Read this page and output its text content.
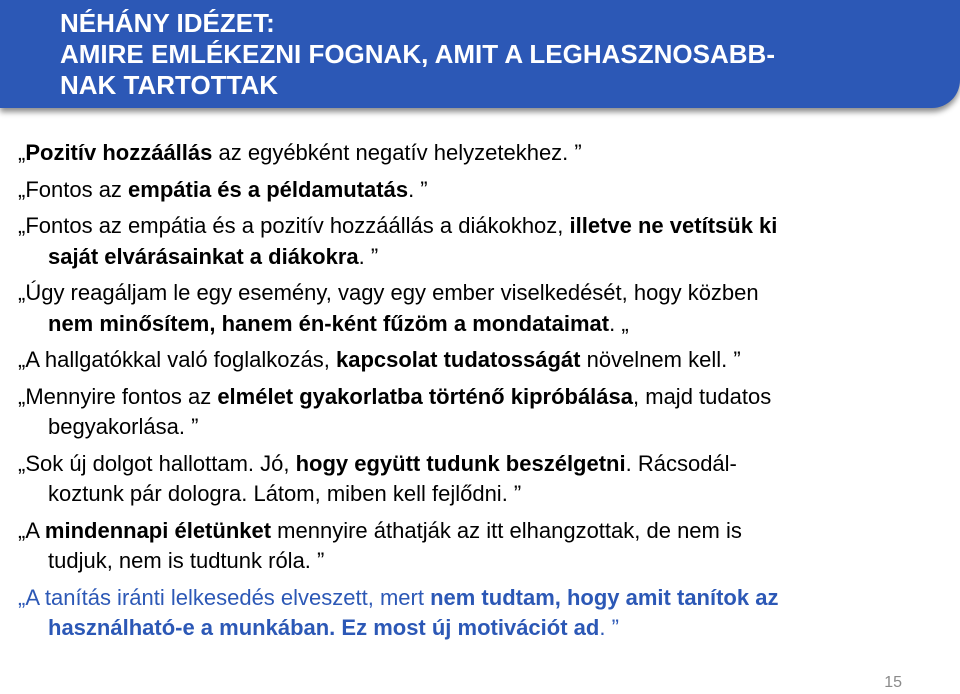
NÉHÁNY IDÉZET:
AMIRE EMLÉKEZNI FOGNAK, AMIT A LEGHASZNOSABB-
NAK TARTOTTAK
„Pozitív hozzáállás az egyébként negatív helyzetekhez. ”
„Fontos az empátia és a példamutatás. ”
„Fontos az empátia és a pozitív hozzáállás a diákokhoz, illetve ne vetítsük ki
saját elvárásainkat a diákokra. ”
„Úgy reagáljam le egy esemény, vagy egy ember viselkedését, hogy közben
nem minősítem, hanem én-ként fűzöm a mondataimat. „
„A hallgatókkal való foglalkozás, kapcsolat tudatosságát növelnem kell. ”
„Mennyire fontos az elmélet gyakorlatba történő kipróbálása, majd tudatos
begyakorlása. ”
„Sok új dolgot hallottam. Jó, hogy együtt tudunk beszélgetni. Rácsodál-
koztunk pár dologra. Látom, miben kell fejlődni. ”
„A mindennapi életünket mennyire áthatják az itt elhangzottak, de nem is
tudjuk, nem is tudtunk róla. ”
„A tanítás iránti lelkesedés elveszett, mert nem tudtam, hogy amit tanítok az
használható-e a munkában. Ez most új motivációt ad. ”
15
